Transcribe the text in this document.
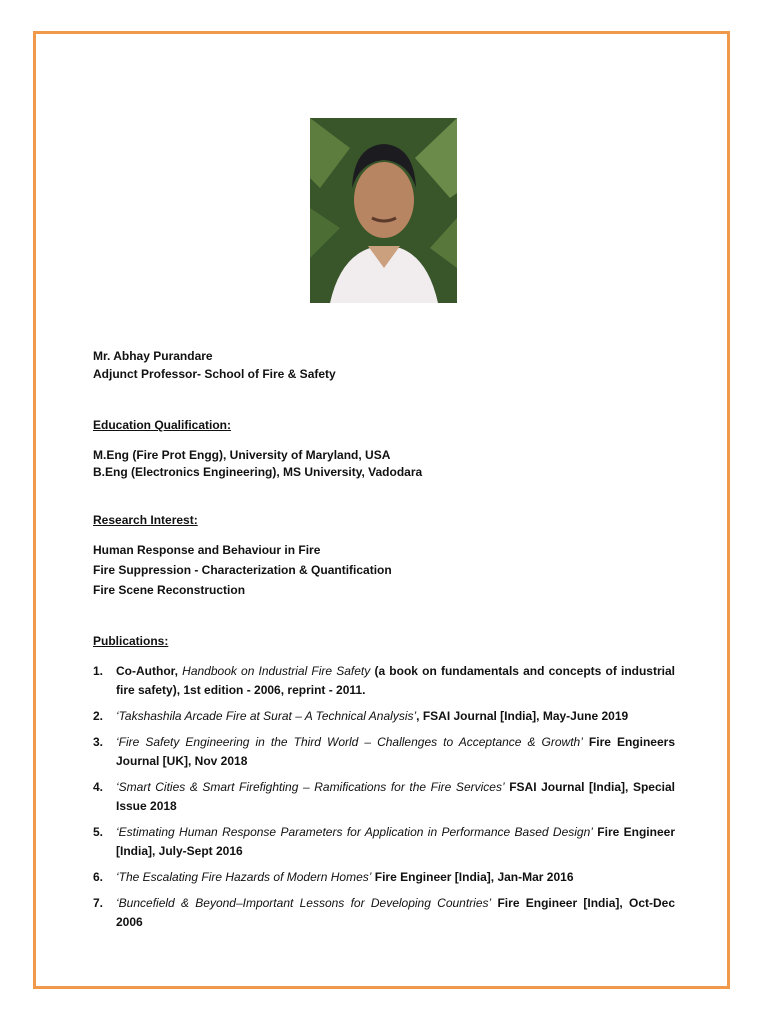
Mr. Abhay Purandare
Adjunct Professor- School of Fire & Safety
Education Qualification:
M.Eng (Fire Prot Engg), University of Maryland, USA
B.Eng (Electronics Engineering), MS University, Vadodara
Research Interest:
Human Response and Behaviour in Fire
Fire Suppression - Characterization & Quantification
Fire Scene Reconstruction
Publications:
1. Co-Author, Handbook on Industrial Fire Safety (a book on fundamentals and concepts of industrial fire safety), 1st edition - 2006, reprint - 2011.
2. ‘Takshashila Arcade Fire at Surat – A Technical Analysis’, FSAI Journal [India], May-June 2019
3. ‘Fire Safety Engineering in the Third World – Challenges to Acceptance & Growth’ Fire Engineers Journal [UK], Nov 2018
4. ‘Smart Cities & Smart Firefighting – Ramifications for the Fire Services’ FSAI Journal [India], Special Issue 2018
5. ‘Estimating Human Response Parameters for Application in Performance Based Design’ Fire Engineer [India], July-Sept 2016
6. ‘The Escalating Fire Hazards of Modern Homes’ Fire Engineer [India], Jan-Mar 2016
7. ‘Buncefield & Beyond–Important Lessons for Developing Countries’ Fire Engineer [India], Oct-Dec 2006
